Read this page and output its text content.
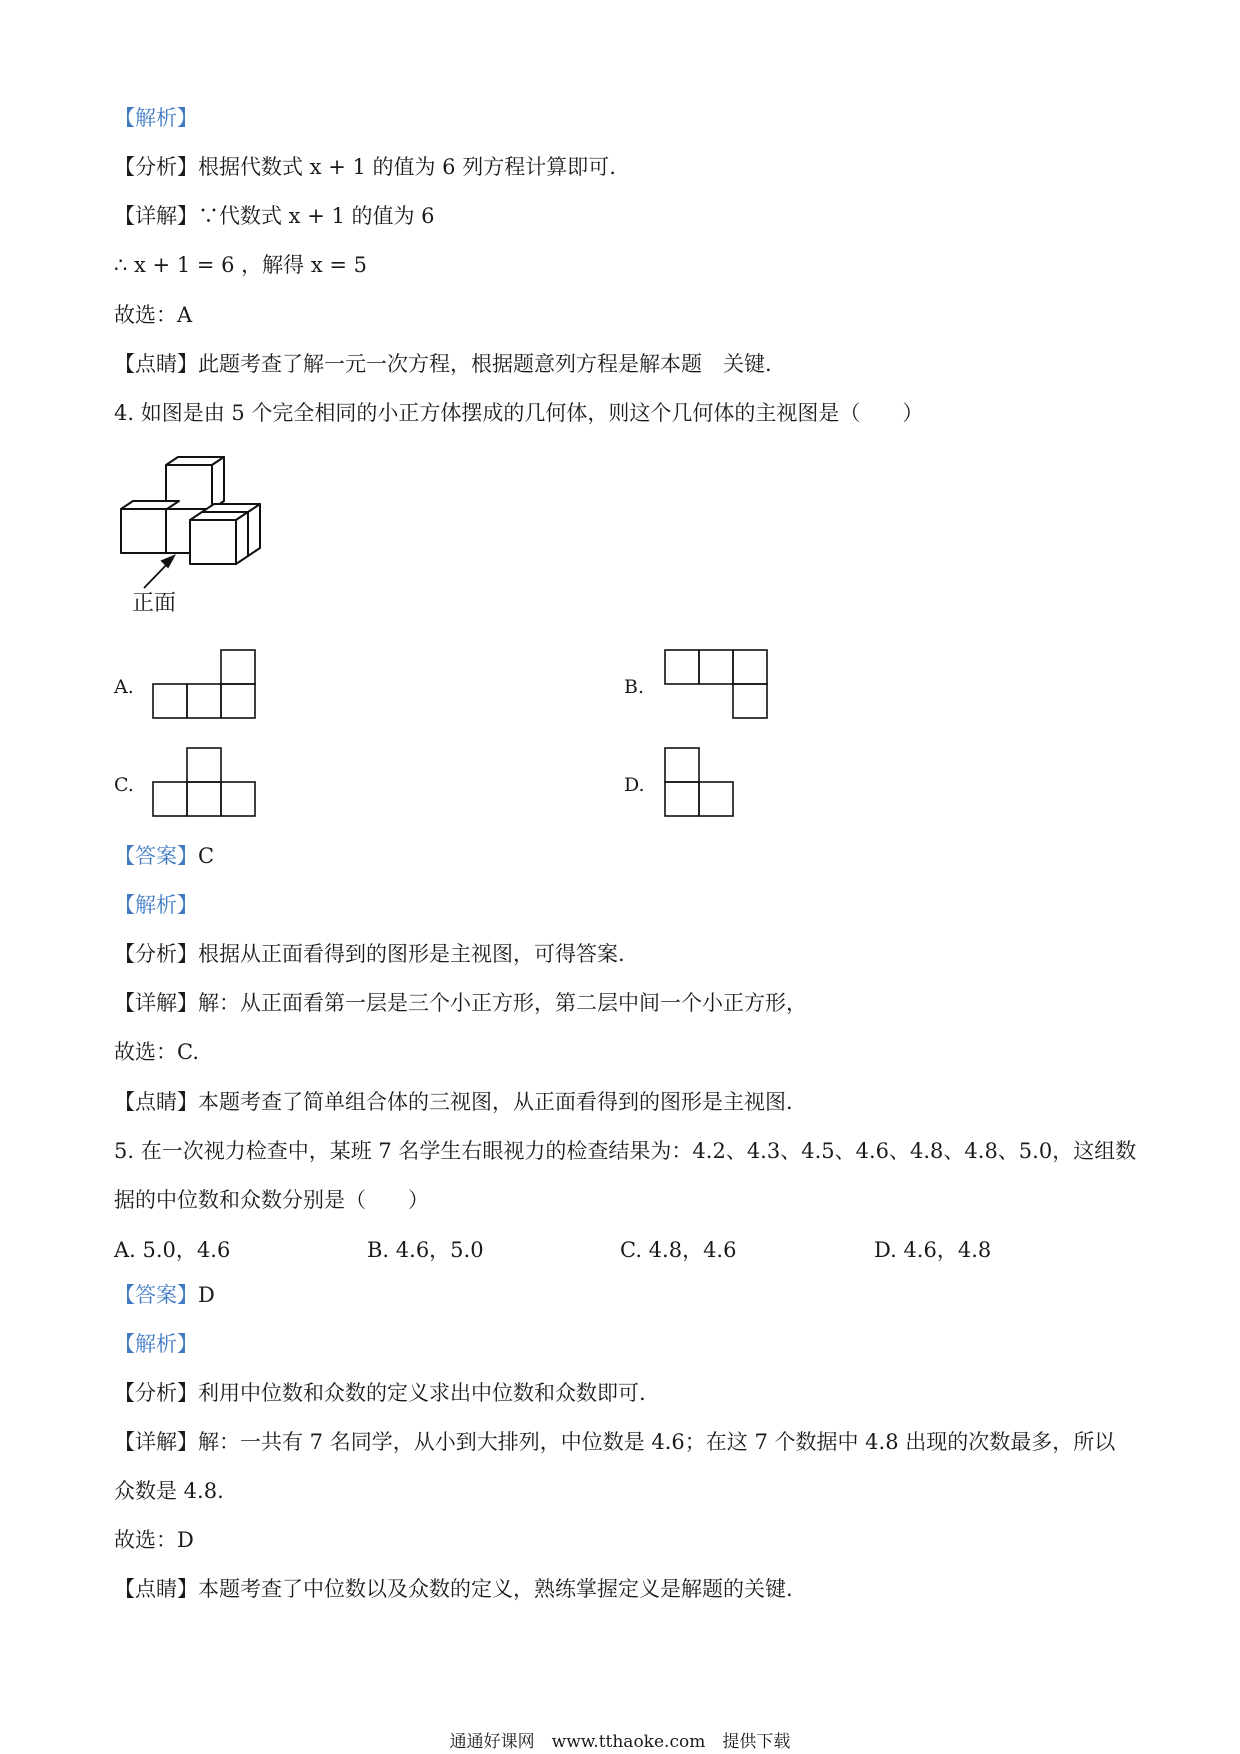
【解析】
【分析】根据代数式 x + 1 的值为 6 列方程计算即可.
【详解】∵代数式 x + 1 的值为 6
∴ x + 1 = 6 ，解得 x = 5
故选：A
【点睛】此题考查了解一元一次方程，根据题意列方程是解本题　关键.
4. 如图是由 5 个完全相同的小正方体摆成的几何体，则这个几何体的主视图是（　　）
正面
A.	B.
C.	D.
【答案】C
【解析】
【分析】根据从正面看得到的图形是主视图，可得答案.
【详解】解：从正面看第一层是三个小正方形，第二层中间一个小正方形，
故选：C.
【点睛】本题考查了简单组合体的三视图，从正面看得到的图形是主视图.
5. 在一次视力检查中，某班 7 名学生右眼视力的检查结果为：4.2、4.3、4.5、4.6、4.8、4.8、5.0，这组数
据的中位数和众数分别是（　　）
A. 5.0，4.6	B. 4.6，5.0	C. 4.8，4.6	D. 4.6，4.8
【答案】D
【解析】
【分析】利用中位数和众数的定义求出中位数和众数即可.
【详解】解：一共有 7 名同学，从小到大排列，中位数是 4.6；在这 7 个数据中 4.8 出现的次数最多，所以
众数是 4.8.
故选：D
【点睛】本题考查了中位数以及众数的定义，熟练掌握定义是解题的关键.
通通好课网　www.tthaoke.com　提供下载
